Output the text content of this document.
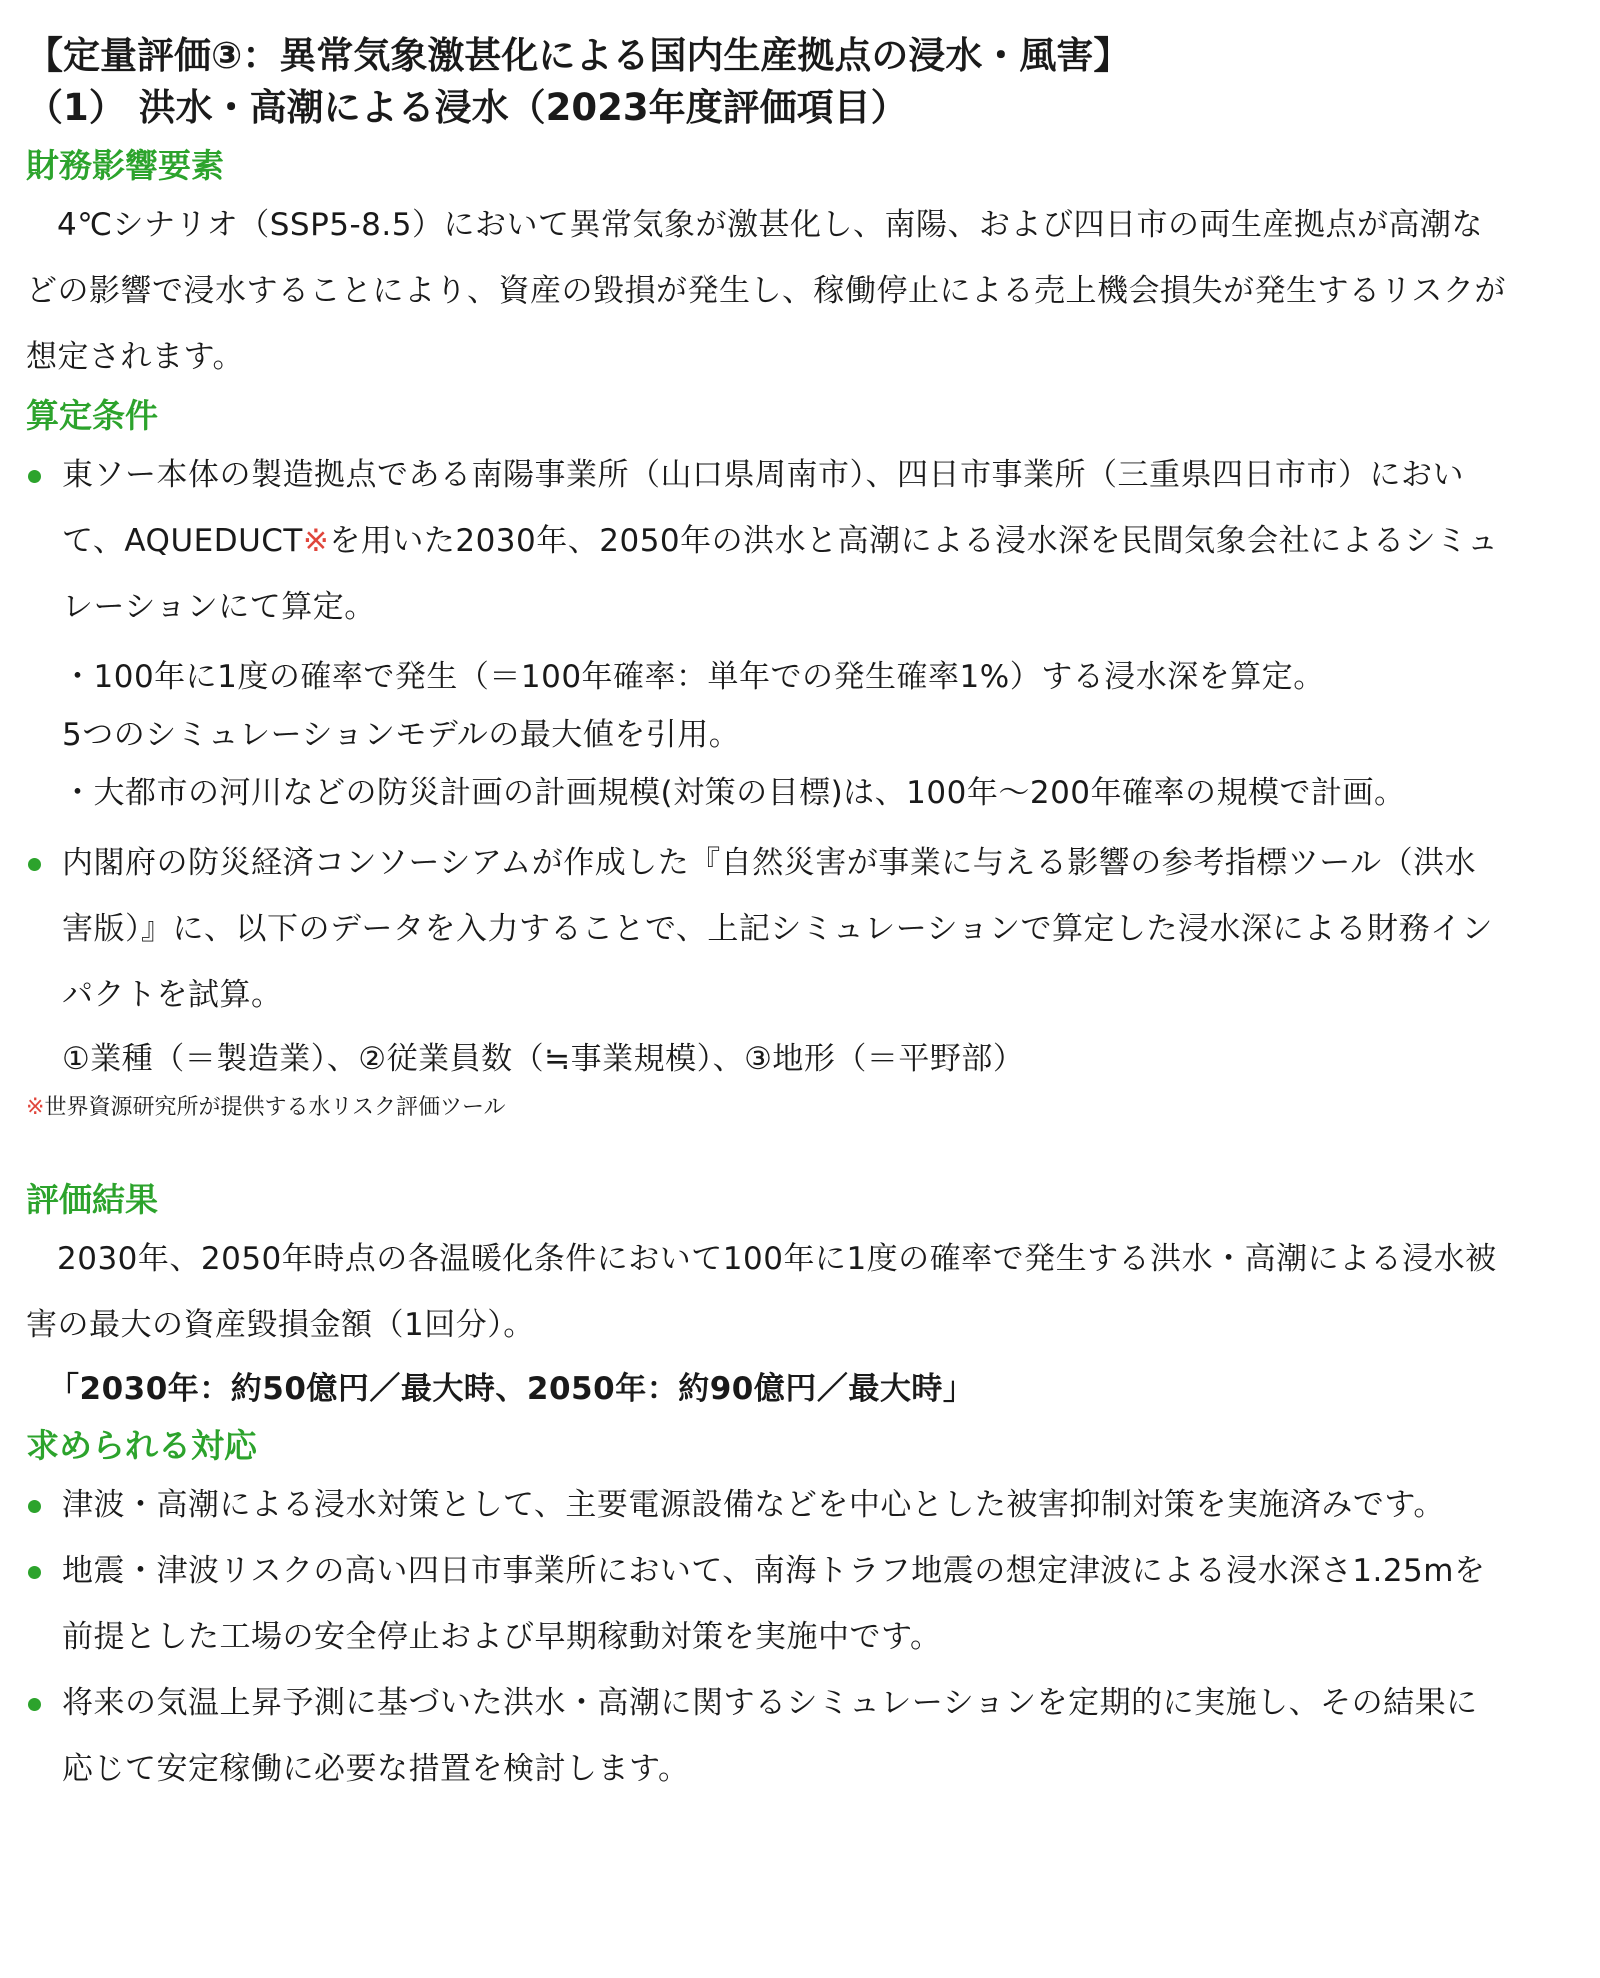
【定量評価③：異常気象激甚化による国内生産拠点の浸水・風害】
（1） 洪水・高潮による浸水（2023年度評価項目）
財務影響要素

4℃シナリオ（SSP5-8.5）において異常気象が激甚化し、南陽、および四日市の両生産拠点が高潮などの影響で浸水することにより、資産の毀損が発生し、稼働停止による売上機会損失が発生するリスクが想定されます。

算定条件
東ソー本体の製造拠点である南陽事業所（山口県周南市）、四日市事業所（三重県四日市市）において、AQUEDUCT※を用いた2030年、2050年の洪水と高潮による浸水深を民間気象会社によるシミュレーションにて算定。

・100年に1度の確率で発生（＝100年確率：単年での発生確率1%）する浸水深を算定。
5つのシミュレーションモデルの最大値を引用。

・大都市の河川などの防災計画の計画規模(対策の目標)は、100年～200年確率の規模で計画。

内閣府の防災経済コンソーシアムが作成した『自然災害が事業に与える影響の参考指標ツール（洪水害版）』に、以下のデータを入力することで、上記シミュレーションで算定した浸水深による財務インパクトを試算。

①業種（＝製造業）、②従業員数（≒事業規模）、③地形（＝平野部）

※世界資源研究所が提供する水リスク評価ツール

評価結果

2030年、2050年時点の各温暖化条件において100年に1度の確率で発生する洪水・高潮による浸水被害の最大の資産毀損金額（1回分）。

「2030年：約50億円／最大時、2050年：約90億円／最大時」

求められる対応
津波・高潮による浸水対策として、主要電源設備などを中心とした被害抑制対策を実施済みです。
地震・津波リスクの高い四日市事業所において、南海トラフ地震の想定津波による浸水深さ1.25mを前提とした工場の安全停止および早期稼動対策を実施中です。
将来の気温上昇予測に基づいた洪水・高潮に関するシミュレーションを定期的に実施し、その結果に応じて安定稼働に必要な措置を検討します。
